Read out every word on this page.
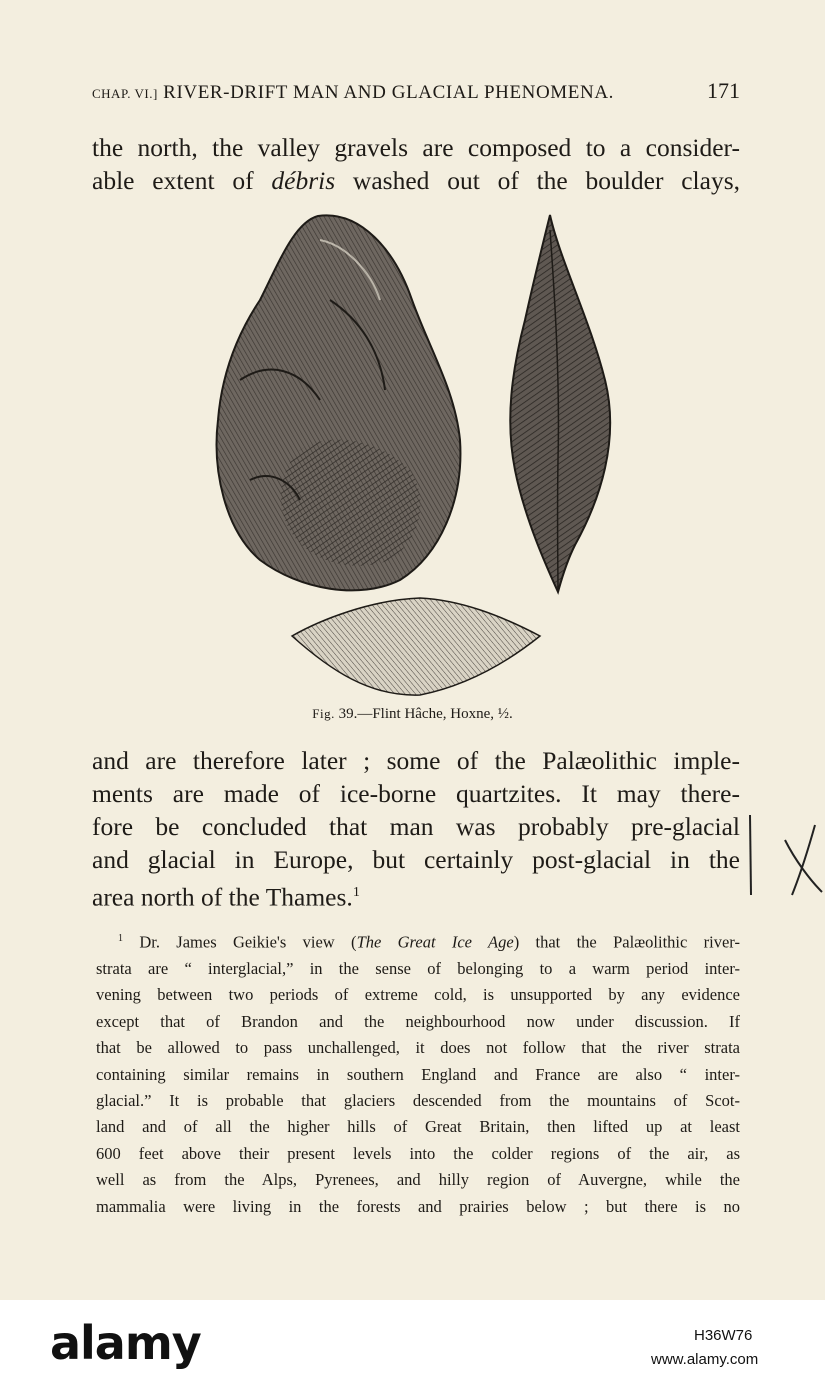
CHAP. VI.] RIVER-DRIFT MAN AND GLACIAL PHENOMENA.	171
the north, the valley gravels are composed to a consider-
able extent of débris washed out of the boulder clays,
Fig. 39.—Flint Hâche, Hoxne, ½.
and are therefore later ; some of the Palæolithic imple-
ments are made of ice-borne quartzites. It may there-
fore be concluded that man was probably pre-glacial
and glacial in Europe, but certainly post-glacial in the
area north of the Thames.$^1$
$^1$ Dr. James Geikie's view (The Great Ice Age) that the Palæolithic river-
strata are “ interglacial,” in the sense of belonging to a warm period inter-
vening between two periods of extreme cold, is unsupported by any evidence
except that of Brandon and the neighbourhood now under discussion. If
that be allowed to pass unchallenged, it does not follow that the river strata
containing similar remains in southern England and France are also “ inter-
glacial.” It is probable that glaciers descended from the mountains of Scot-
land and of all the higher hills of Great Britain, then lifted up at least
600 feet above their present levels into the colder regions of the air, as
well as from the Alps, Pyrenees, and hilly region of Auvergne, while the
mammalia were living in the forests and prairies below ; but there is no
alamy	H36W76
www.alamy.com
